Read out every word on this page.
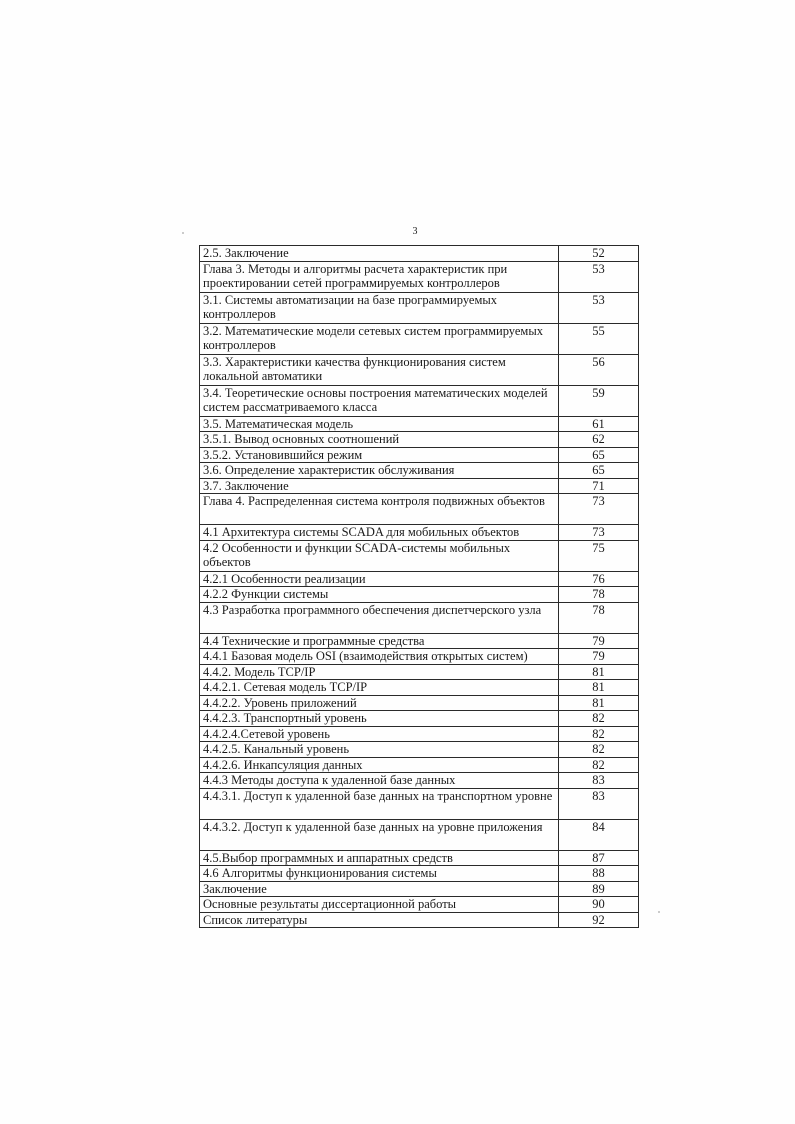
3
2.5. Заключение	52
Глава 3. Методы и алгоритмы расчета характеристик при проектировании сетей программируемых контроллеров	53
3.1. Системы автоматизации на базе программируемых контроллеров	53
3.2. Математические модели сетевых систем программируемых контроллеров	55
3.3. Характеристики качества функционирования систем локальной автоматики	56
3.4. Теоретические основы построения математических моделей систем рассматриваемого класса	59
3.5. Математическая модель	61
3.5.1. Вывод основных соотношений	62
3.5.2. Установившийся режим	65
3.6. Определение характеристик обслуживания	65
3.7. Заключение	71
Глава 4. Распределенная система контроля подвижных объектов	73
4.1 Архитектура системы SCADA для мобильных объектов	73
4.2 Особенности и функции SCADA-системы мобильных объектов	75
4.2.1 Особенности реализации	76
4.2.2 Функции системы	78
4.3 Разработка программного обеспечения диспетчерского узла	78
4.4 Технические и программные средства	79
4.4.1 Базовая модель OSI (взаимодействия открытых систем)	79
4.4.2. Модель TCP/IP	81
4.4.2.1. Сетевая модель TCP/IP	81
4.4.2.2. Уровень приложений	81
4.4.2.3. Транспортный уровень	82
4.4.2.4.Сетевой уровень	82
4.4.2.5. Канальный уровень	82
4.4.2.6. Инкапсуляция данных	82
4.4.3 Методы доступа к удаленной базе данных	83
4.4.3.1. Доступ к удаленной базе данных на транспортном уровне	83
4.4.3.2. Доступ к удаленной базе данных на уровне приложения	84
4.5.Выбор программных и аппаратных средств	87
4.6 Алгоритмы функционирования системы	88
Заключение	89
Основные результаты диссертационной работы	90
Список литературы	92
